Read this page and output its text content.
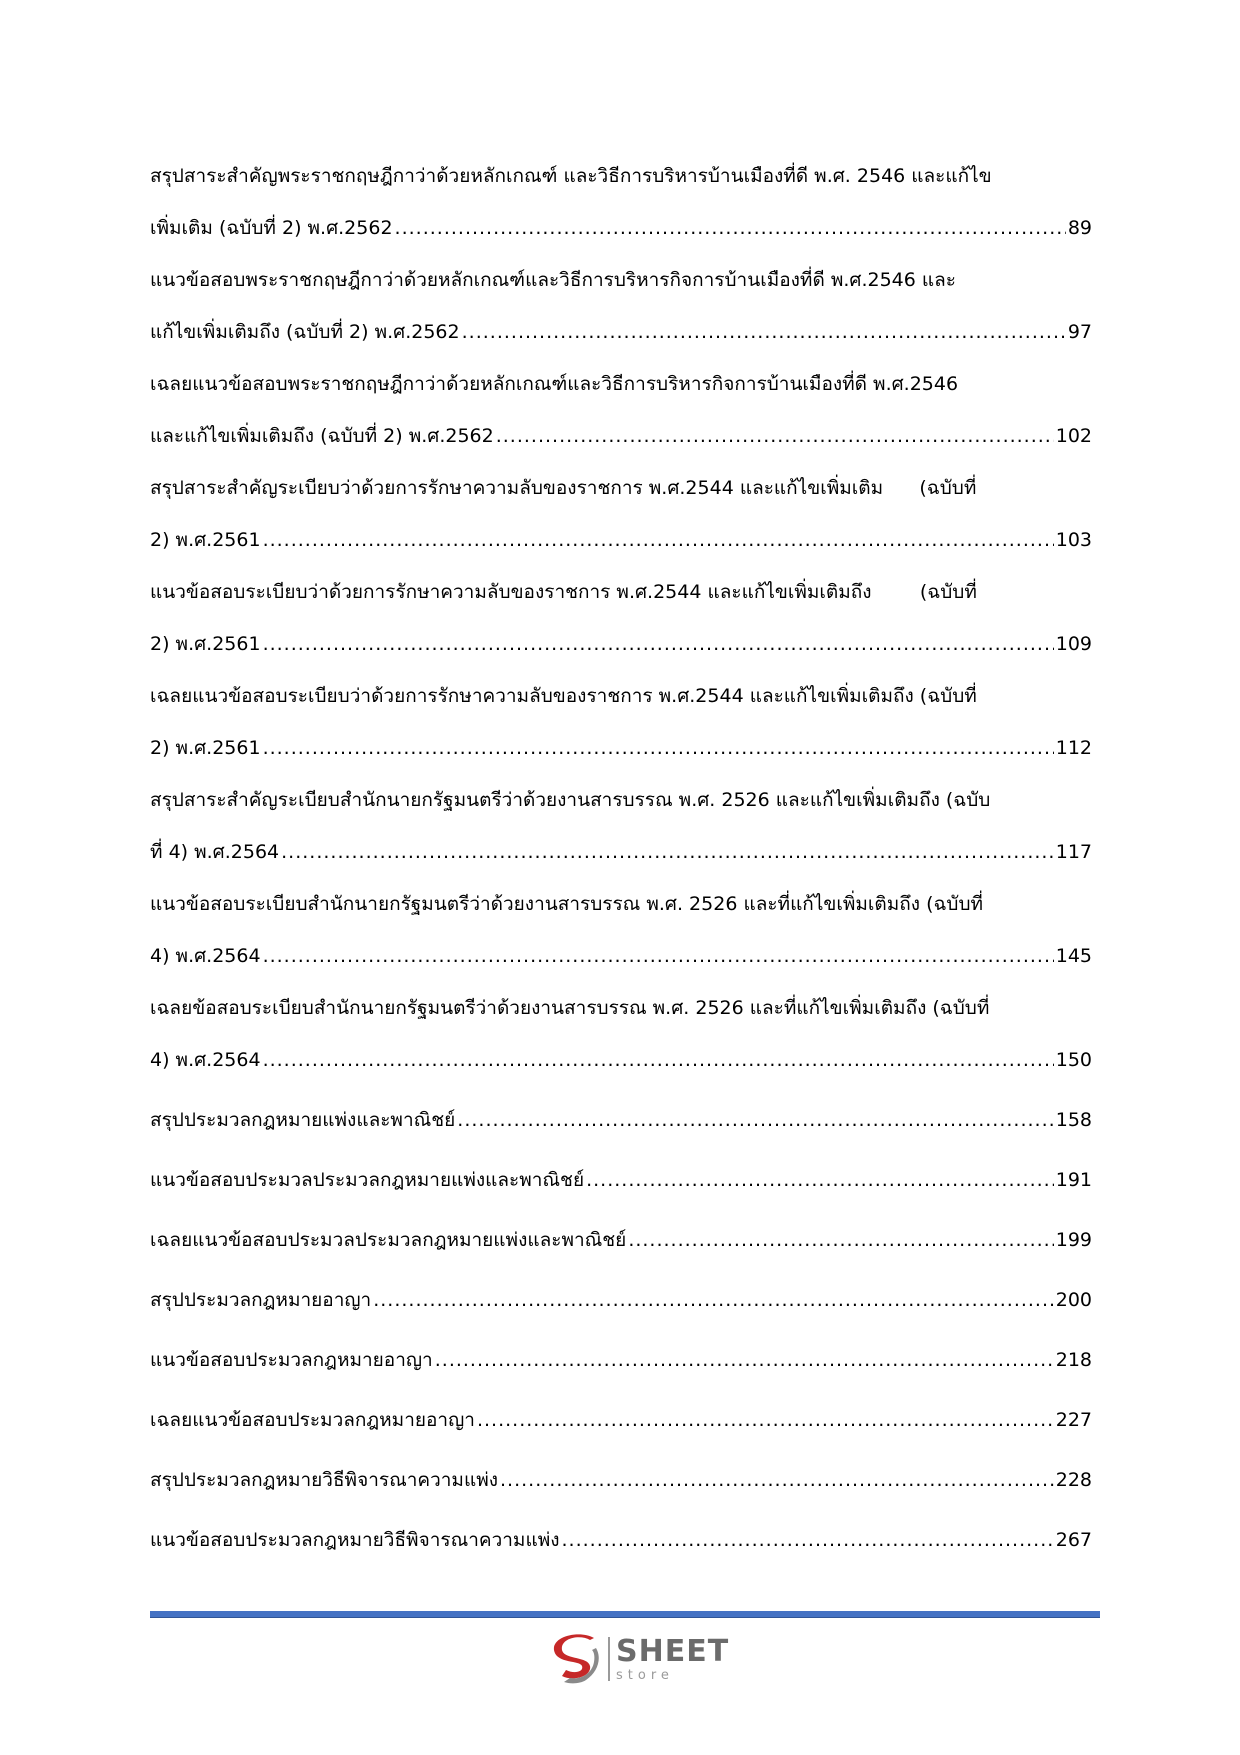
สรุปสาระสำคัญพระราชกฤษฎีกาว่าด้วยหลักเกณฑ์ และวิธีการบริหารบ้านเมืองที่ดี พ.ศ. 2546 และแก้ไข
เพิ่มเติม (ฉบับที่ 2) พ.ศ.2562 .....	89
แนวข้อสอบพระราชกฤษฎีกาว่าด้วยหลักเกณฑ์และวิธีการบริหารกิจการบ้านเมืองที่ดี พ.ศ.2546 และ
แก้ไขเพิ่มเติมถึง (ฉบับที่ 2) พ.ศ.2562 .....	97
เฉลยแนวข้อสอบพระราชกฤษฎีกาว่าด้วยหลักเกณฑ์และวิธีการบริหารกิจการบ้านเมืองที่ดี พ.ศ.2546
และแก้ไขเพิ่มเติมถึง (ฉบับที่ 2) พ.ศ.2562 .....	102
สรุปสาระสำคัญระเบียบว่าด้วยการรักษาความลับของราชการ พ.ศ.2544 และแก้ไขเพิ่มเติม      (ฉบับที่
2) พ.ศ.2561 .....	103
แนวข้อสอบระเบียบว่าด้วยการรักษาความลับของราชการ พ.ศ.2544 และแก้ไขเพิ่มเติมถึง        (ฉบับที่
2) พ.ศ.2561 .....	109
เฉลยแนวข้อสอบระเบียบว่าด้วยการรักษาความลับของราชการ พ.ศ.2544 และแก้ไขเพิ่มเติมถึง (ฉบับที่
2) พ.ศ.2561 .....	112
สรุปสาระสำคัญระเบียบสำนักนายกรัฐมนตรีว่าด้วยงานสารบรรณ พ.ศ. 2526 และแก้ไขเพิ่มเติมถึง (ฉบับ
ที่ 4) พ.ศ.2564 .....	117
แนวข้อสอบระเบียบสำนักนายกรัฐมนตรีว่าด้วยงานสารบรรณ พ.ศ. 2526 และที่แก้ไขเพิ่มเติมถึง (ฉบับที่
4) พ.ศ.2564 .....	145
เฉลยข้อสอบระเบียบสำนักนายกรัฐมนตรีว่าด้วยงานสารบรรณ พ.ศ. 2526 และที่แก้ไขเพิ่มเติมถึง (ฉบับที่
4) พ.ศ.2564 .....	150
สรุปประมวลกฎหมายแพ่งและพาณิชย์ .....	158
แนวข้อสอบประมวลประมวลกฎหมายแพ่งและพาณิชย์ .....	191
เฉลยแนวข้อสอบประมวลประมวลกฎหมายแพ่งและพาณิชย์ .....	199
สรุปประมวลกฎหมายอาญา .....	200
แนวข้อสอบประมวลกฎหมายอาญา .....	218
เฉลยแนวข้อสอบประมวลกฎหมายอาญา .....	227
สรุปประมวลกฎหมายวิธีพิจารณาความแพ่ง .....	228
แนวข้อสอบประมวลกฎหมายวิธีพิจารณาความแพ่ง .....	267
SHEET
store
